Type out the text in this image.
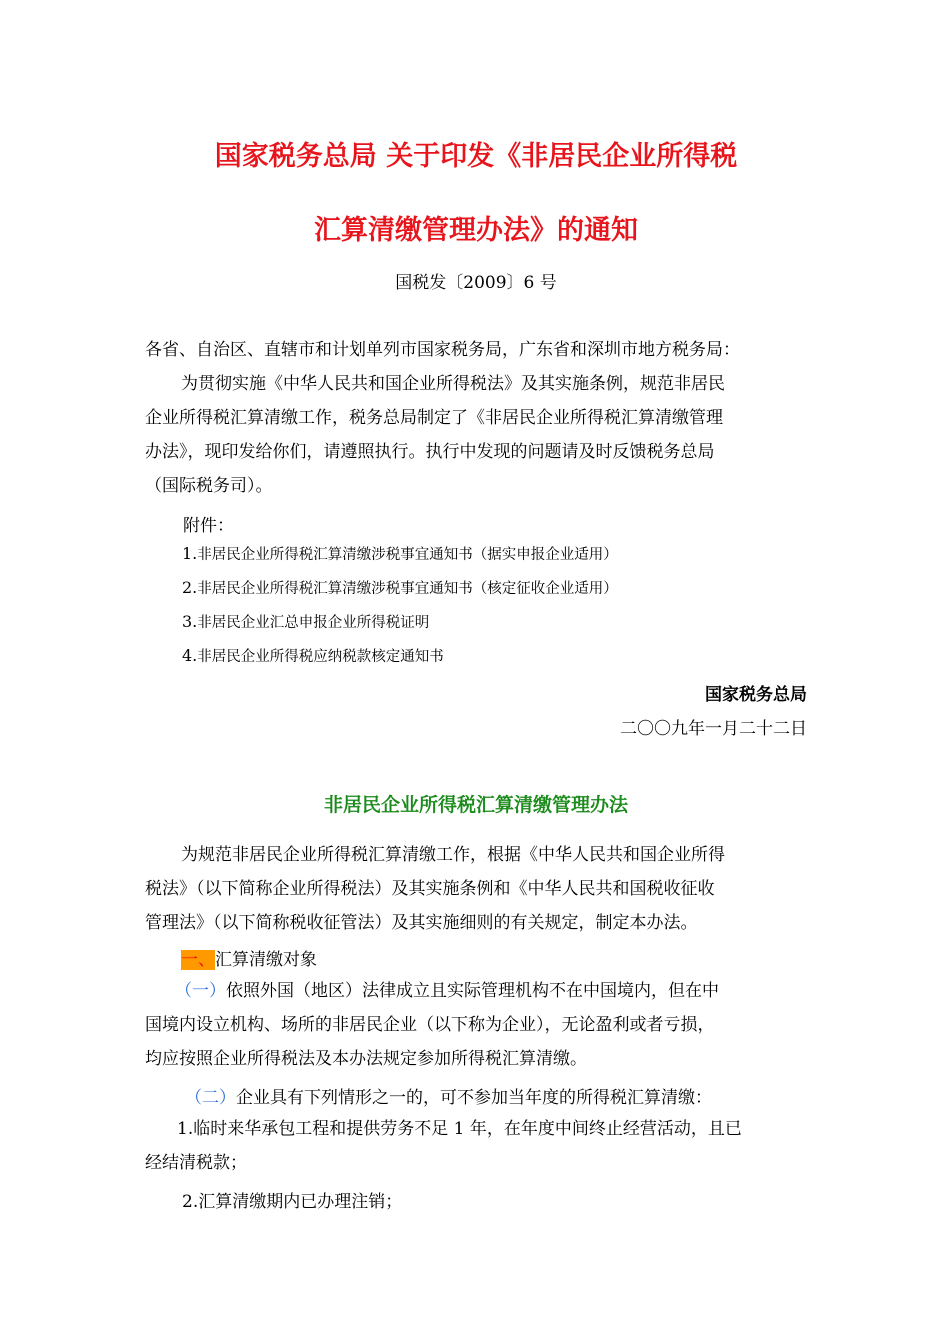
国家税务总局 关于印发《非居民企业所得税
汇算清缴管理办法》的通知
国税发〔2009〕6 号
各省、自治区、直辖市和计划单列市国家税务局，广东省和深圳市地方税务局：
为贯彻实施《中华人民共和国企业所得税法》及其实施条例，规范非居民
企业所得税汇算清缴工作，税务总局制定了《非居民企业所得税汇算清缴管理
办法》，现印发给你们，请遵照执行。执行中发现的问题请及时反馈税务总局
（国际税务司）。
附件：
1.非居民企业所得税汇算清缴涉税事宜通知书（据实申报企业适用）
2.非居民企业所得税汇算清缴涉税事宜通知书（核定征收企业适用）
3.非居民企业汇总申报企业所得税证明
4.非居民企业所得税应纳税款核定通知书
国家税务总局
二〇〇九年一月二十二日
非居民企业所得税汇算清缴管理办法
为规范非居民企业所得税汇算清缴工作，根据《中华人民共和国企业所得
税法》（以下简称企业所得税法）及其实施条例和《中华人民共和国税收征收
管理法》（以下简称税收征管法）及其实施细则的有关规定，制定本办法。
一、汇算清缴对象
（一）依照外国（地区）法律成立且实际管理机构不在中国境内，但在中
国境内设立机构、场所的非居民企业（以下称为企业），无论盈利或者亏损，
均应按照企业所得税法及本办法规定参加所得税汇算清缴。
（二）企业具有下列情形之一的，可不参加当年度的所得税汇算清缴：
1.临时来华承包工程和提供劳务不足 1 年，在年度中间终止经营活动，且已
经结清税款；
2.汇算清缴期内已办理注销；
